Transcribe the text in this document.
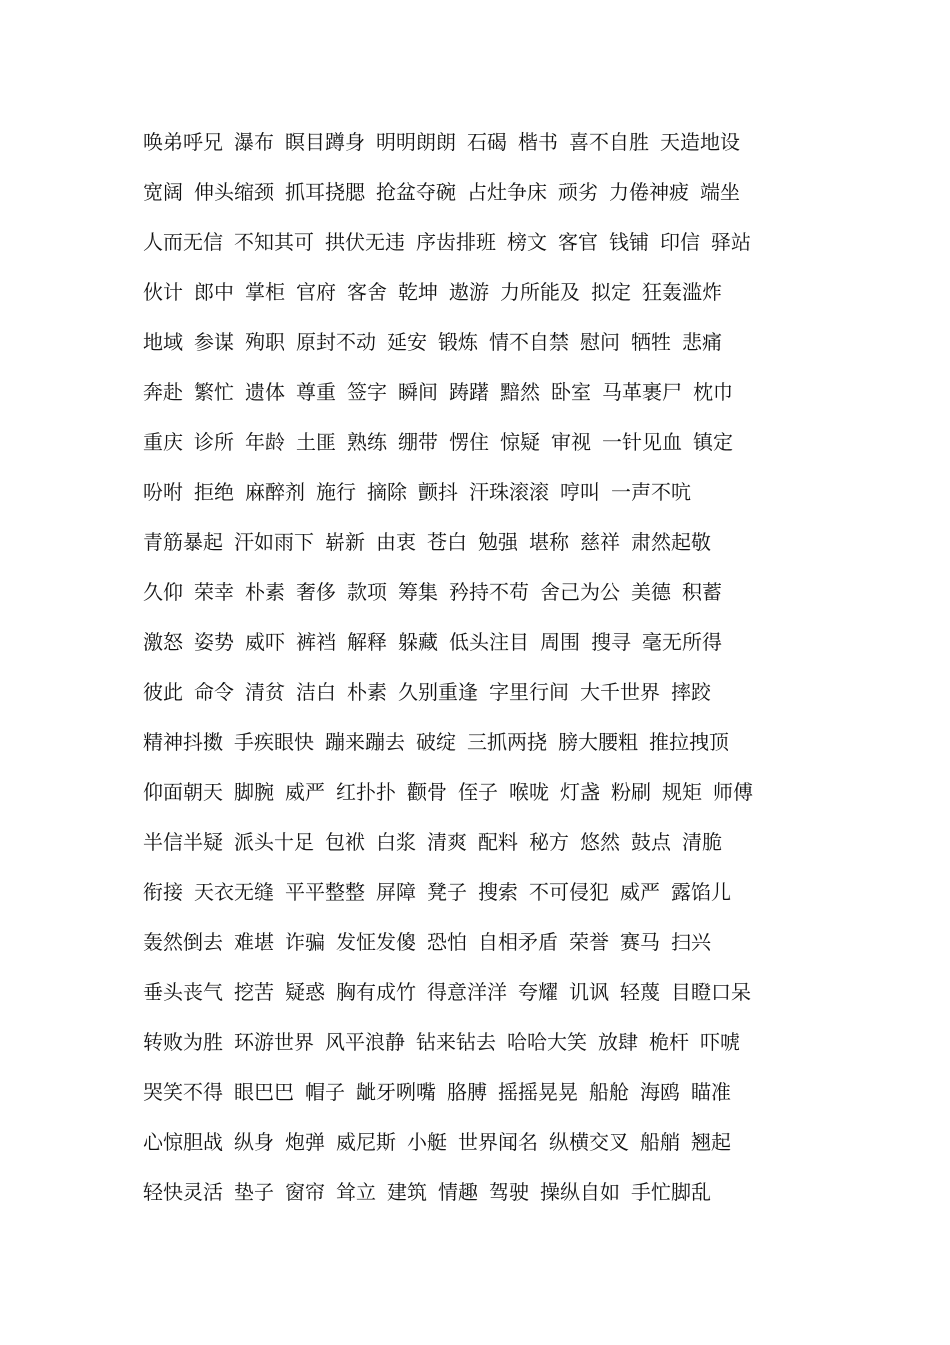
唤弟呼兄 瀑布 瞑目蹲身 明明朗朗 石碣 楷书 喜不自胜 天造地设
宽阔 伸头缩颈 抓耳挠腮 抢盆夺碗 占灶争床 顽劣 力倦神疲 端坐
人而无信 不知其可 拱伏无违 序齿排班 榜文 客官 钱铺 印信 驿站
伙计 郎中 掌柜 官府 客舍 乾坤 遨游 力所能及 拟定 狂轰滥炸
地域 参谋 殉职 原封不动 延安 锻炼 情不自禁 慰问 牺牲 悲痛
奔赴 繁忙 遗体 尊重 签字 瞬间 踌躇 黯然 卧室 马革裹尸 枕巾
重庆 诊所 年龄 土匪 熟练 绷带 愣住 惊疑 审视 一针见血 镇定
吩咐 拒绝 麻醉剂 施行 摘除 颤抖 汗珠滚滚 哼叫 一声不吭
青筋暴起 汗如雨下 崭新 由衷 苍白 勉强 堪称 慈祥 肃然起敬
久仰 荣幸 朴素 奢侈 款项 筹集 矜持不苟 舍己为公 美德 积蓄
激怒 姿势 威吓 裤裆 解释 躲藏 低头注目 周围 搜寻 毫无所得
彼此 命令 清贫 洁白 朴素 久别重逢 字里行间 大千世界 摔跤
精神抖擞 手疾眼快 蹦来蹦去 破绽 三抓两挠 膀大腰粗 推拉拽顶
仰面朝天 脚腕 威严 红扑扑 颧骨 侄子 喉咙 灯盏 粉刷 规矩 师傅
半信半疑 派头十足 包袱 白浆 清爽 配料 秘方 悠然 鼓点 清脆
衔接 天衣无缝 平平整整 屏障 凳子 搜索 不可侵犯 威严 露馅儿
轰然倒去 难堪 诈骗 发怔发傻 恐怕 自相矛盾 荣誉 赛马 扫兴
垂头丧气 挖苦 疑惑 胸有成竹 得意洋洋 夸耀 讥讽 轻蔑 目瞪口呆
转败为胜 环游世界 风平浪静 钻来钻去 哈哈大笑 放肆 桅杆 吓唬
哭笑不得 眼巴巴 帽子 龇牙咧嘴 胳膊 摇摇晃晃 船舱 海鸥 瞄准
心惊胆战 纵身 炮弹 威尼斯 小艇 世界闻名 纵横交叉 船艄 翘起
轻快灵活 垫子 窗帘 耸立 建筑 情趣 驾驶 操纵自如 手忙脚乱
